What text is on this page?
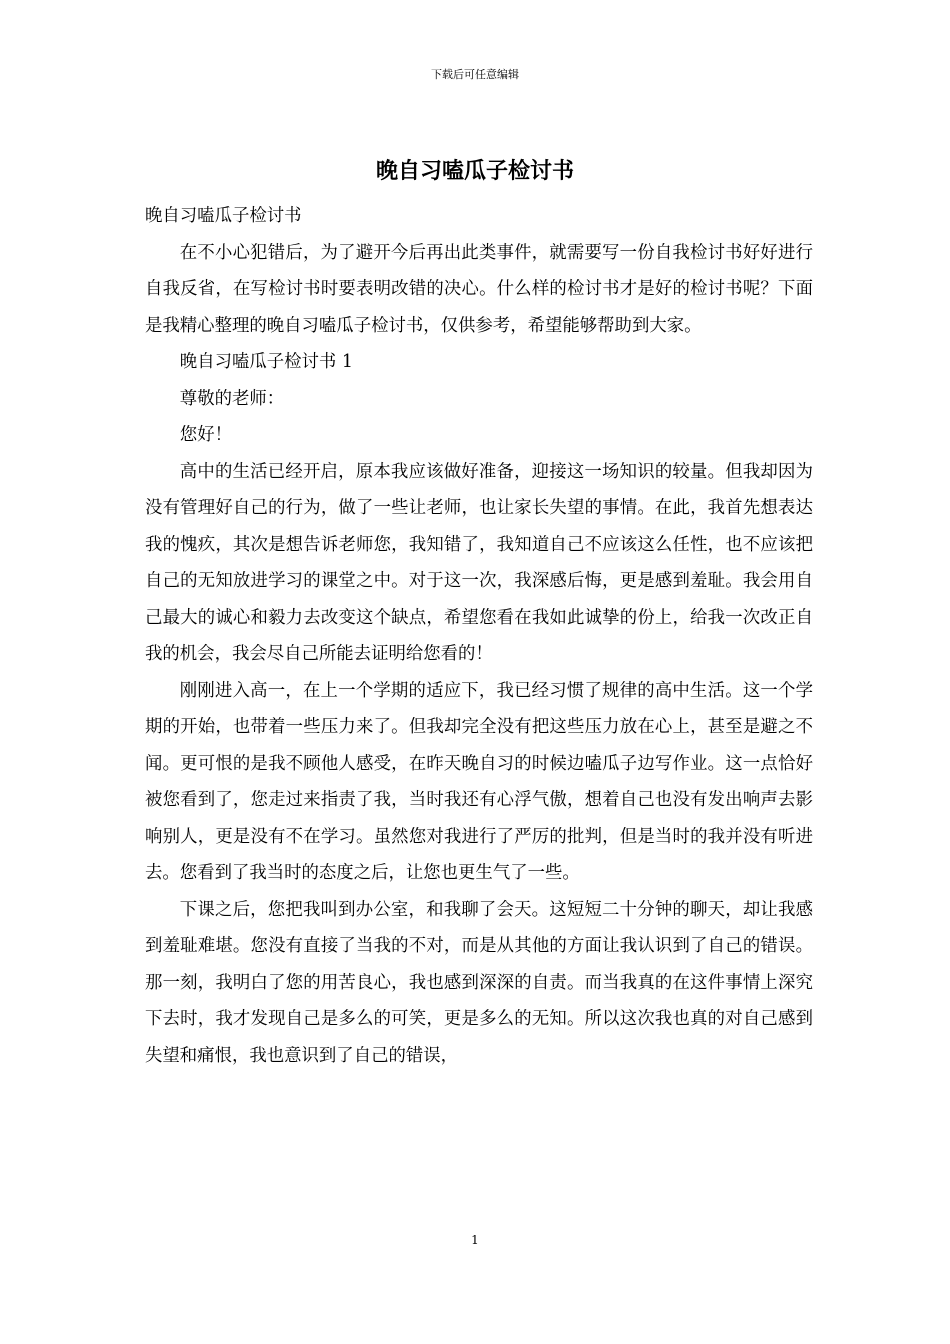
下载后可任意编辑
晚自习嗑瓜子检讨书

晚自习嗑瓜子检讨书

在不小心犯错后，为了避开今后再出此类事件，就需要写一份自我检讨书好好进行自我反省，在写检讨书时要表明改错的决心。什么样的检讨书才是好的检讨书呢？下面是我精心整理的晚自习嗑瓜子检讨书，仅供参考，希望能够帮助到大家。

晚自习嗑瓜子检讨书 1

尊敬的老师：

您好！

高中的生活已经开启，原本我应该做好准备，迎接这一场知识的较量。但我却因为没有管理好自己的行为，做了一些让老师，也让家长失望的事情。在此，我首先想表达我的愧疚，其次是想告诉老师您，我知错了，我知道自己不应该这么任性，也不应该把自己的无知放进学习的课堂之中。对于这一次，我深感后悔，更是感到羞耻。我会用自己最大的诚心和毅力去改变这个缺点，希望您看在我如此诚挚的份上，给我一次改正自我的机会，我会尽自己所能去证明给您看的！

刚刚进入高一，在上一个学期的适应下，我已经习惯了规律的高中生活。这一个学期的开始，也带着一些压力来了。但我却完全没有把这些压力放在心上，甚至是避之不闻。更可恨的是我不顾他人感受，在昨天晚自习的时候边嗑瓜子边写作业。这一点恰好被您看到了，您走过来指责了我，当时我还有心浮气傲，想着自己也没有发出响声去影响别人，更是没有不在学习。虽然您对我进行了严厉的批判，但是当时的我并没有听进去。您看到了我当时的态度之后，让您也更生气了一些。

下课之后，您把我叫到办公室，和我聊了会天。这短短二十分钟的聊天，却让我感到羞耻难堪。您没有直接了当我的不对，而是从其他的方面让我认识到了自己的错误。那一刻，我明白了您的用苦良心，我也感到深深的自责。而当我真的在这件事情上深究下去时，我才发现自己是多么的可笑，更是多么的无知。所以这次我也真的对自己感到失望和痛恨，我也意识到了自己的错误，

1
